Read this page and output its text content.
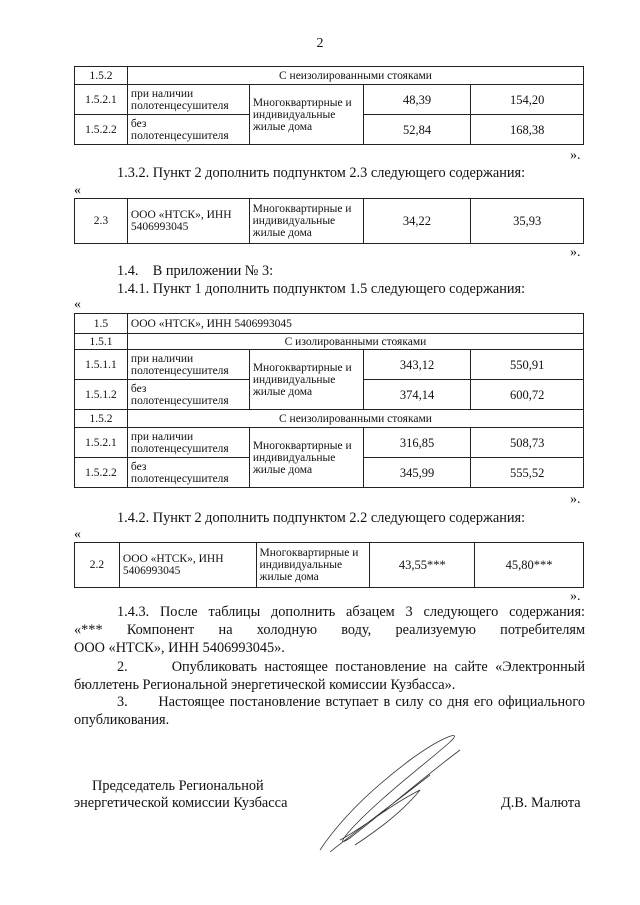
2
1.5.2	С неизолированными стояками			
1.5.2.1	при наличии полотенцесушителя	Многоквартирные и индивидуальные жилые дома	48,39	154,20
1.5.2.2	без полотенцесушителя		52,84	168,38
».
1.3.2. Пункт 2 дополнить подпунктом 2.3 следующего содержания:
«
2.3	ООО «НТСК», ИНН 5406993045	Многоквартирные и индивидуальные жилые дома	34,22	35,93
».
1.4.    В приложении № 3:
1.4.1. Пункт 1 дополнить подпунктом 1.5 следующего содержания:
«
1.5	ООО «НТСК», ИНН 5406993045			
1.5.1	С изолированными стояками			
1.5.1.1	при наличии полотенцесушителя	Многоквартирные и индивидуальные жилые дома	343,12	550,91
1.5.1.2	без полотенцесушителя		374,14	600,72
1.5.2	С неизолированными стояками			
1.5.2.1	при наличии полотенцесушителя	Многоквартирные и индивидуальные жилые дома	316,85	508,73
1.5.2.2	без полотенцесушителя		345,99	555,52
».
1.4.2. Пункт 2 дополнить подпунктом 2.2 следующего содержания:
«
2.2	ООО «НТСК», ИНН 5406993045	Многоквартирные и индивидуальные жилые дома	43,55***	45,80***
».
1.4.3. После таблицы дополнить абзацем 3 следующего содержания:
«*** Компонент на холодную воду, реализуемую потребителям
ООО «НТСК», ИНН 5406993045».
2.      Опубликовать настоящее постановление на сайте «Электронный
бюллетень Региональной энергетической комиссии Кузбасса».
3.      Настоящее постановление вступает в силу со дня его официального
опубликования.
Председатель Региональной
энергетической комиссии Кузбасса	Д.В. Малюта
